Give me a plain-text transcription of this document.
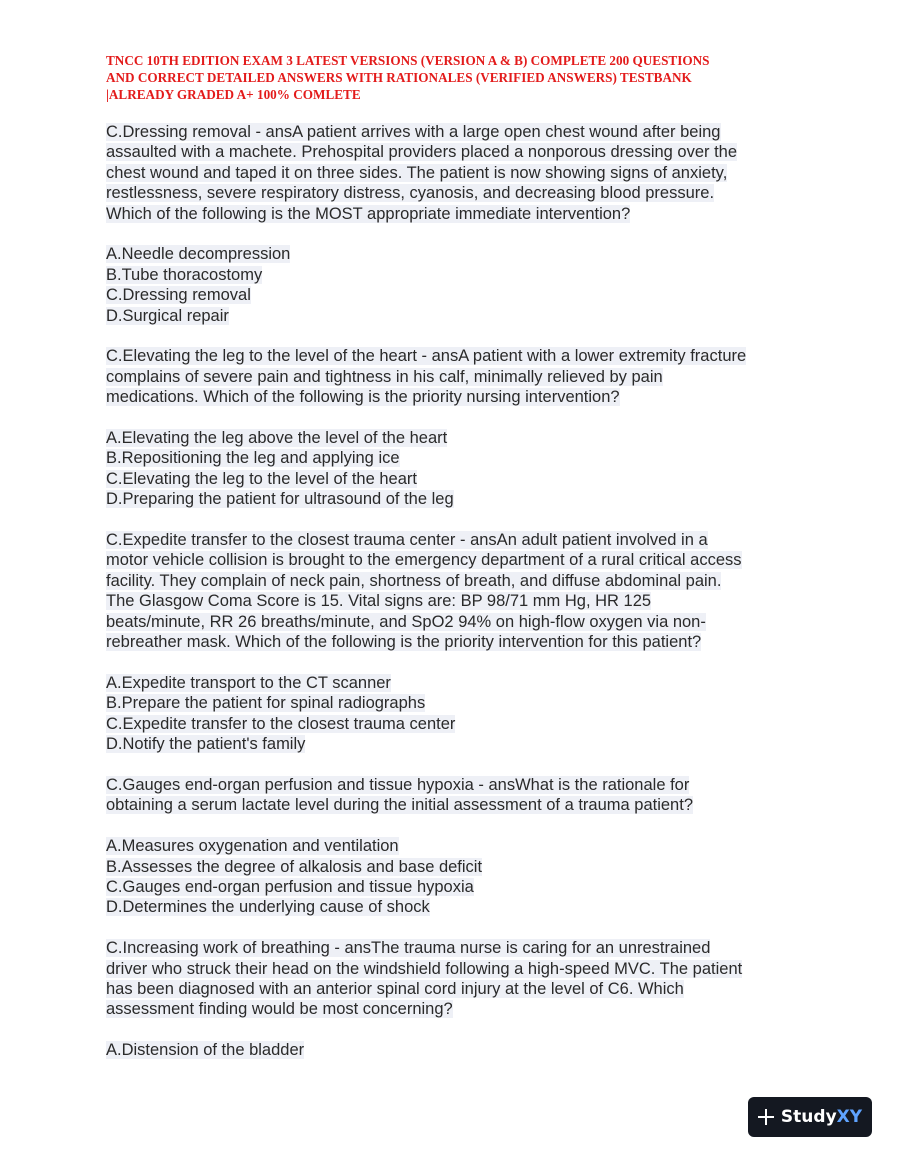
TNCC 10TH EDITION EXAM 3 LATEST VERSIONS (VERSION A & B) COMPLETE 200 QUESTIONS
AND CORRECT DETAILED ANSWERS WITH RATIONALES (VERIFIED ANSWERS) TESTBANK
|ALREADY GRADED A+ 100% COMLETE
C.Dressing removal - ansA patient arrives with a large open chest wound after being
assaulted with a machete. Prehospital providers placed a nonporous dressing over the
chest wound and taped it on three sides. The patient is now showing signs of anxiety,
restlessness, severe respiratory distress, cyanosis, and decreasing blood pressure.
Which of the following is the MOST appropriate immediate intervention?
A.Needle decompression
B.Tube thoracostomy
C.Dressing removal
D.Surgical repair
C.Elevating the leg to the level of the heart - ansA patient with a lower extremity fracture
complains of severe pain and tightness in his calf, minimally relieved by pain
medications. Which of the following is the priority nursing intervention?
A.Elevating the leg above the level of the heart
B.Repositioning the leg and applying ice
C.Elevating the leg to the level of the heart
D.Preparing the patient for ultrasound of the leg
C.Expedite transfer to the closest trauma center - ansAn adult patient involved in a
motor vehicle collision is brought to the emergency department of a rural critical access
facility. They complain of neck pain, shortness of breath, and diffuse abdominal pain.
The Glasgow Coma Score is 15. Vital signs are: BP 98/71 mm Hg, HR 125
beats/minute, RR 26 breaths/minute, and SpO2 94% on high-flow oxygen via non-
rebreather mask. Which of the following is the priority intervention for this patient?
A.Expedite transport to the CT scanner
B.Prepare the patient for spinal radiographs
C.Expedite transfer to the closest trauma center
D.Notify the patient's family
C.Gauges end-organ perfusion and tissue hypoxia - ansWhat is the rationale for
obtaining a serum lactate level during the initial assessment of a trauma patient?
A.Measures oxygenation and ventilation
B.Assesses the degree of alkalosis and base deficit
C.Gauges end-organ perfusion and tissue hypoxia
D.Determines the underlying cause of shock
C.Increasing work of breathing - ansThe trauma nurse is caring for an unrestrained
driver who struck their head on the windshield following a high-speed MVC. The patient
has been diagnosed with an anterior spinal cord injury at the level of C6. Which
assessment finding would be most concerning?
A.Distension of the bladder
Study XY
